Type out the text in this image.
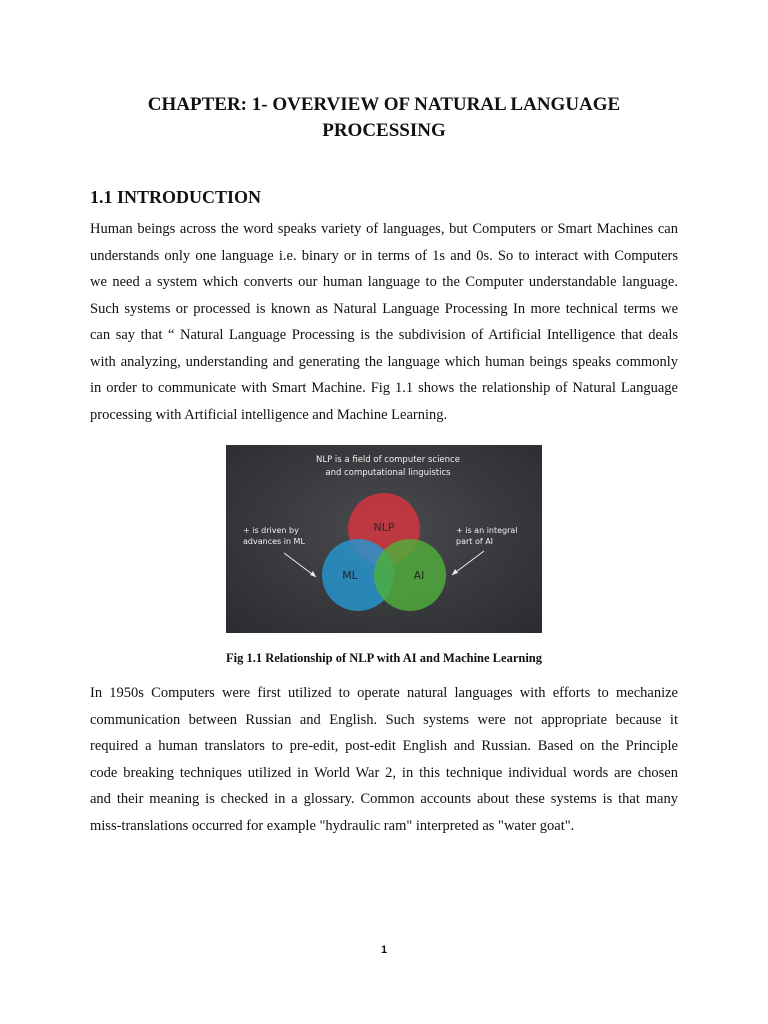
CHAPTER: 1- OVERVIEW OF NATURAL LANGUAGE
PROCESSING
1.1 INTRODUCTION

Human beings across the word speaks variety of languages, but Computers or Smart Machines can
understands only one language i.e. binary or in terms of 1s and 0s. So to interact with Computers
we need a system which converts our human language to the Computer understandable language.
Such systems or processed is known as Natural Language Processing In more technical terms we
can say that “ Natural Language Processing is the subdivision of Artificial Intelligence that deals
with analyzing, understanding and generating the language which human beings speaks commonly
in order to communicate with Smart Machine. Fig 1.1 shows the relationship of Natural Language
processing with Artificial intelligence and Machine Learning.

NLP is a field of computer science
and computational linguistics
NLP
ML	AI
+ is driven by
advances in ML
+ is an integral
part of AI

Fig 1.1 Relationship of NLP with AI and Machine Learning

In 1950s Computers were first utilized to operate natural languages with efforts to mechanize
communication between Russian and English. Such systems were not appropriate because it
required a human translators to pre-edit, post-edit English and Russian. Based on the Principle
code breaking techniques utilized in World War 2, in this technique individual words are chosen
and their meaning is checked in a glossary. Common accounts about these systems is that many
miss-translations occurred for example "hydraulic ram" interpreted as "water goat".

1
